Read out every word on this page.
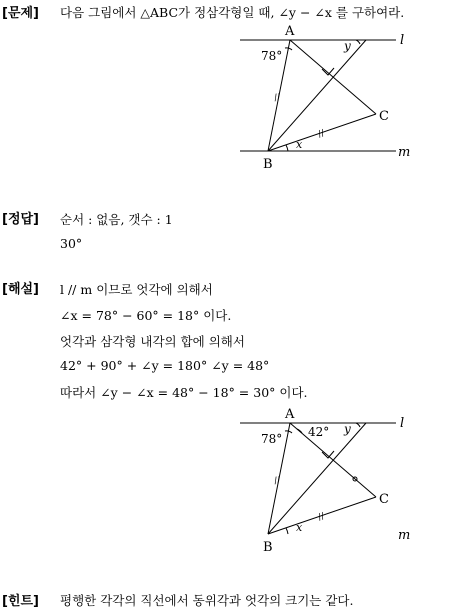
[문제] 다음 그림에서 △ABC가 정삼각형일 때, ∠y − ∠x 를 구하여라.
A
B
C
l
m
78°
y
x
//
//
[정답] 순서 : 없음, 갯수 : 1
30°
[해설] l // m 이므로 엇각에 의해서
∠x = 78° − 60° = 18° 이다.
엇각과 삼각형 내각의 합에 의해서
42° + 90° + ∠y = 180° ∠y = 48°
따라서 ∠y − ∠x = 48° − 18° = 30° 이다.
A
B
C
l
m
78° 42° y
x
//
//
[힌트] 평행한 각각의 직선에서 동위각과 엇각의 크기는 같다.
